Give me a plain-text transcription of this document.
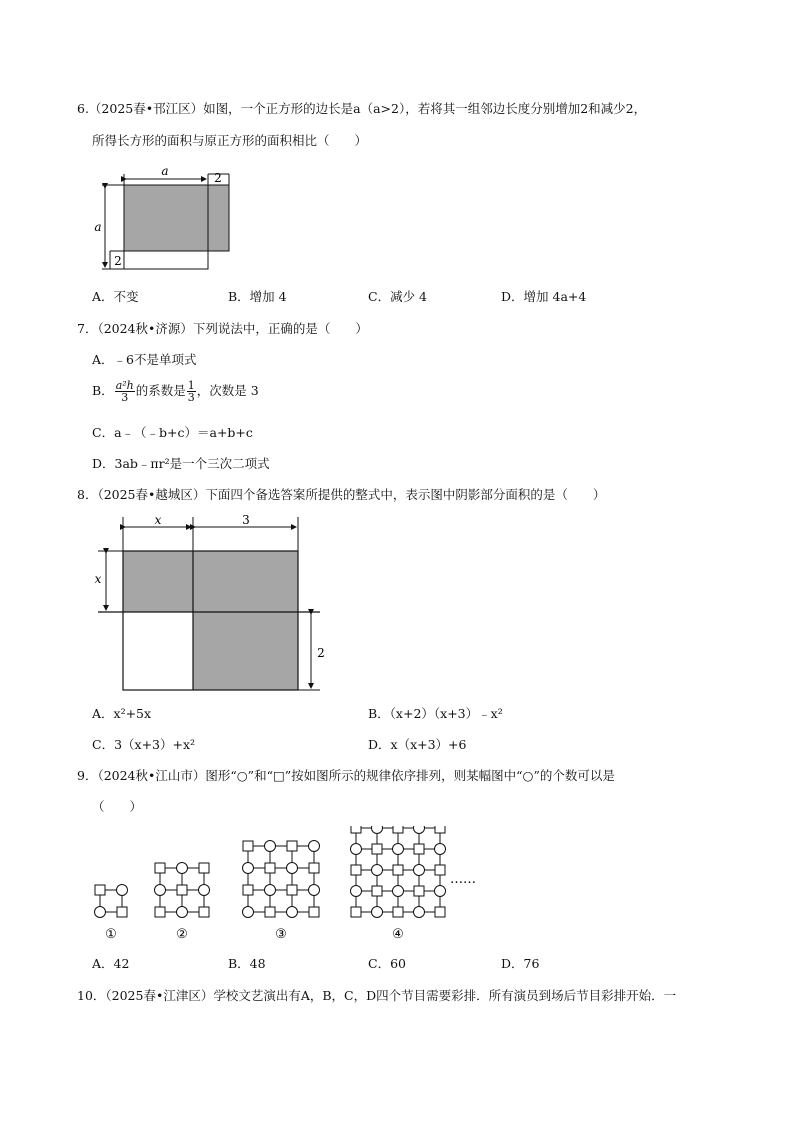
6.（2025春•邗江区）如图，一个正方形的边长是a（a>2），若将其一组邻边长度分别增加2和减少2，
所得长方形的面积与原正方形的面积相比（　　）
a	2
a
2
A．不变	B．增加 4	C．减少 4	D．增加 4a+4
7．（2024秋•济源）下列说法中，正确的是（　　）
A．﹣6不是单项式
B． $\frac{\text{a²h}}{3}$ 的系数是 $\frac{1}{3}$ ，次数是 3
C．a﹣（﹣b+c）＝a+b+c
D．3ab﹣πr²是一个三次二项式
8．（2025春•越城区）下面四个备选答案所提供的整式中，表示图中阴影部分面积的是（　　）
x	3
x
2
A．x²+5x	B．（x+2）（x+3）﹣x²
C．3（x+3）+x²	D．x（x+3）+6
9．（2024秋•江山市）图形“○”和“□”按如图所示的规律依序排列，则某幅图中“○”的个数可以是
（　　）
①	②	③	④
……
A．42	B．48	C．60	D．76
10．（2025春•江津区）学校文艺演出有A，B，C，D四个节目需要彩排．所有演员到场后节目彩排开始．一
